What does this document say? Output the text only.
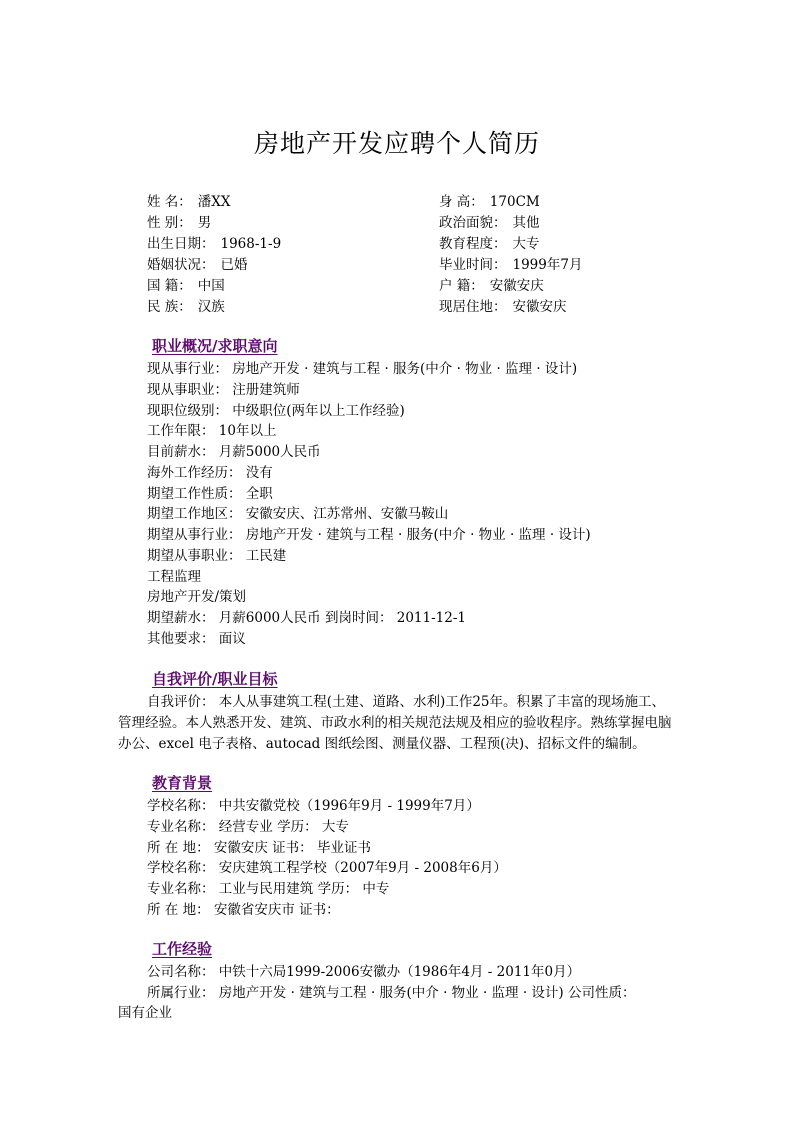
房地产开发应聘个人简历
姓 名： 潘XX
性 别： 男
出生日期： 1968-1-9
婚姻状况： 已婚
国 籍： 中国
民 族： 汉族
身 高： 170CM
政治面貌： 其他
教育程度： 大专
毕业时间： 1999年7月
户 籍： 安徽安庆
现居住地： 安徽安庆
职业概况/求职意向
现从事行业： 房地产开发 · 建筑与工程 · 服务(中介 · 物业 · 监理 · 设计)
现从事职业： 注册建筑师
现职位级别： 中级职位(两年以上工作经验)
工作年限： 10年以上
目前薪水： 月薪5000人民币
海外工作经历： 没有
期望工作性质： 全职
期望工作地区： 安徽安庆、江苏常州、安徽马鞍山
期望从事行业： 房地产开发 · 建筑与工程 · 服务(中介 · 物业 · 监理 · 设计)
期望从事职业： 工民建
工程监理
房地产开发/策划
期望薪水： 月薪6000人民币 到岗时间： 2011-12-1
其他要求： 面议
自我评价/职业目标
自我评价： 本人从事建筑工程(土建、道路、水利)工作25年。积累了丰富的现场施工、管理经验。本人熟悉开发、建筑、市政水利的相关规范法规及相应的验收程序。熟练掌握电脑办公、excel 电子表格、autocad 图纸绘图、测量仪器、工程预(决)、招标文件的编制。
教育背景
学校名称： 中共安徽党校（1996年9月 - 1999年7月）
专业名称： 经营专业 学历： 大专
所 在 地： 安徽安庆 证书： 毕业证书
学校名称： 安庆建筑工程学校（2007年9月 - 2008年6月）
专业名称： 工业与民用建筑 学历： 中专
所 在 地： 安徽省安庆市 证书：
工作经验
公司名称： 中铁十六局1999-2006安徽办（1986年4月 - 2011年0月）
所属行业： 房地产开发 · 建筑与工程 · 服务(中介 · 物业 · 监理 · 设计) 公司性质：
国有企业
